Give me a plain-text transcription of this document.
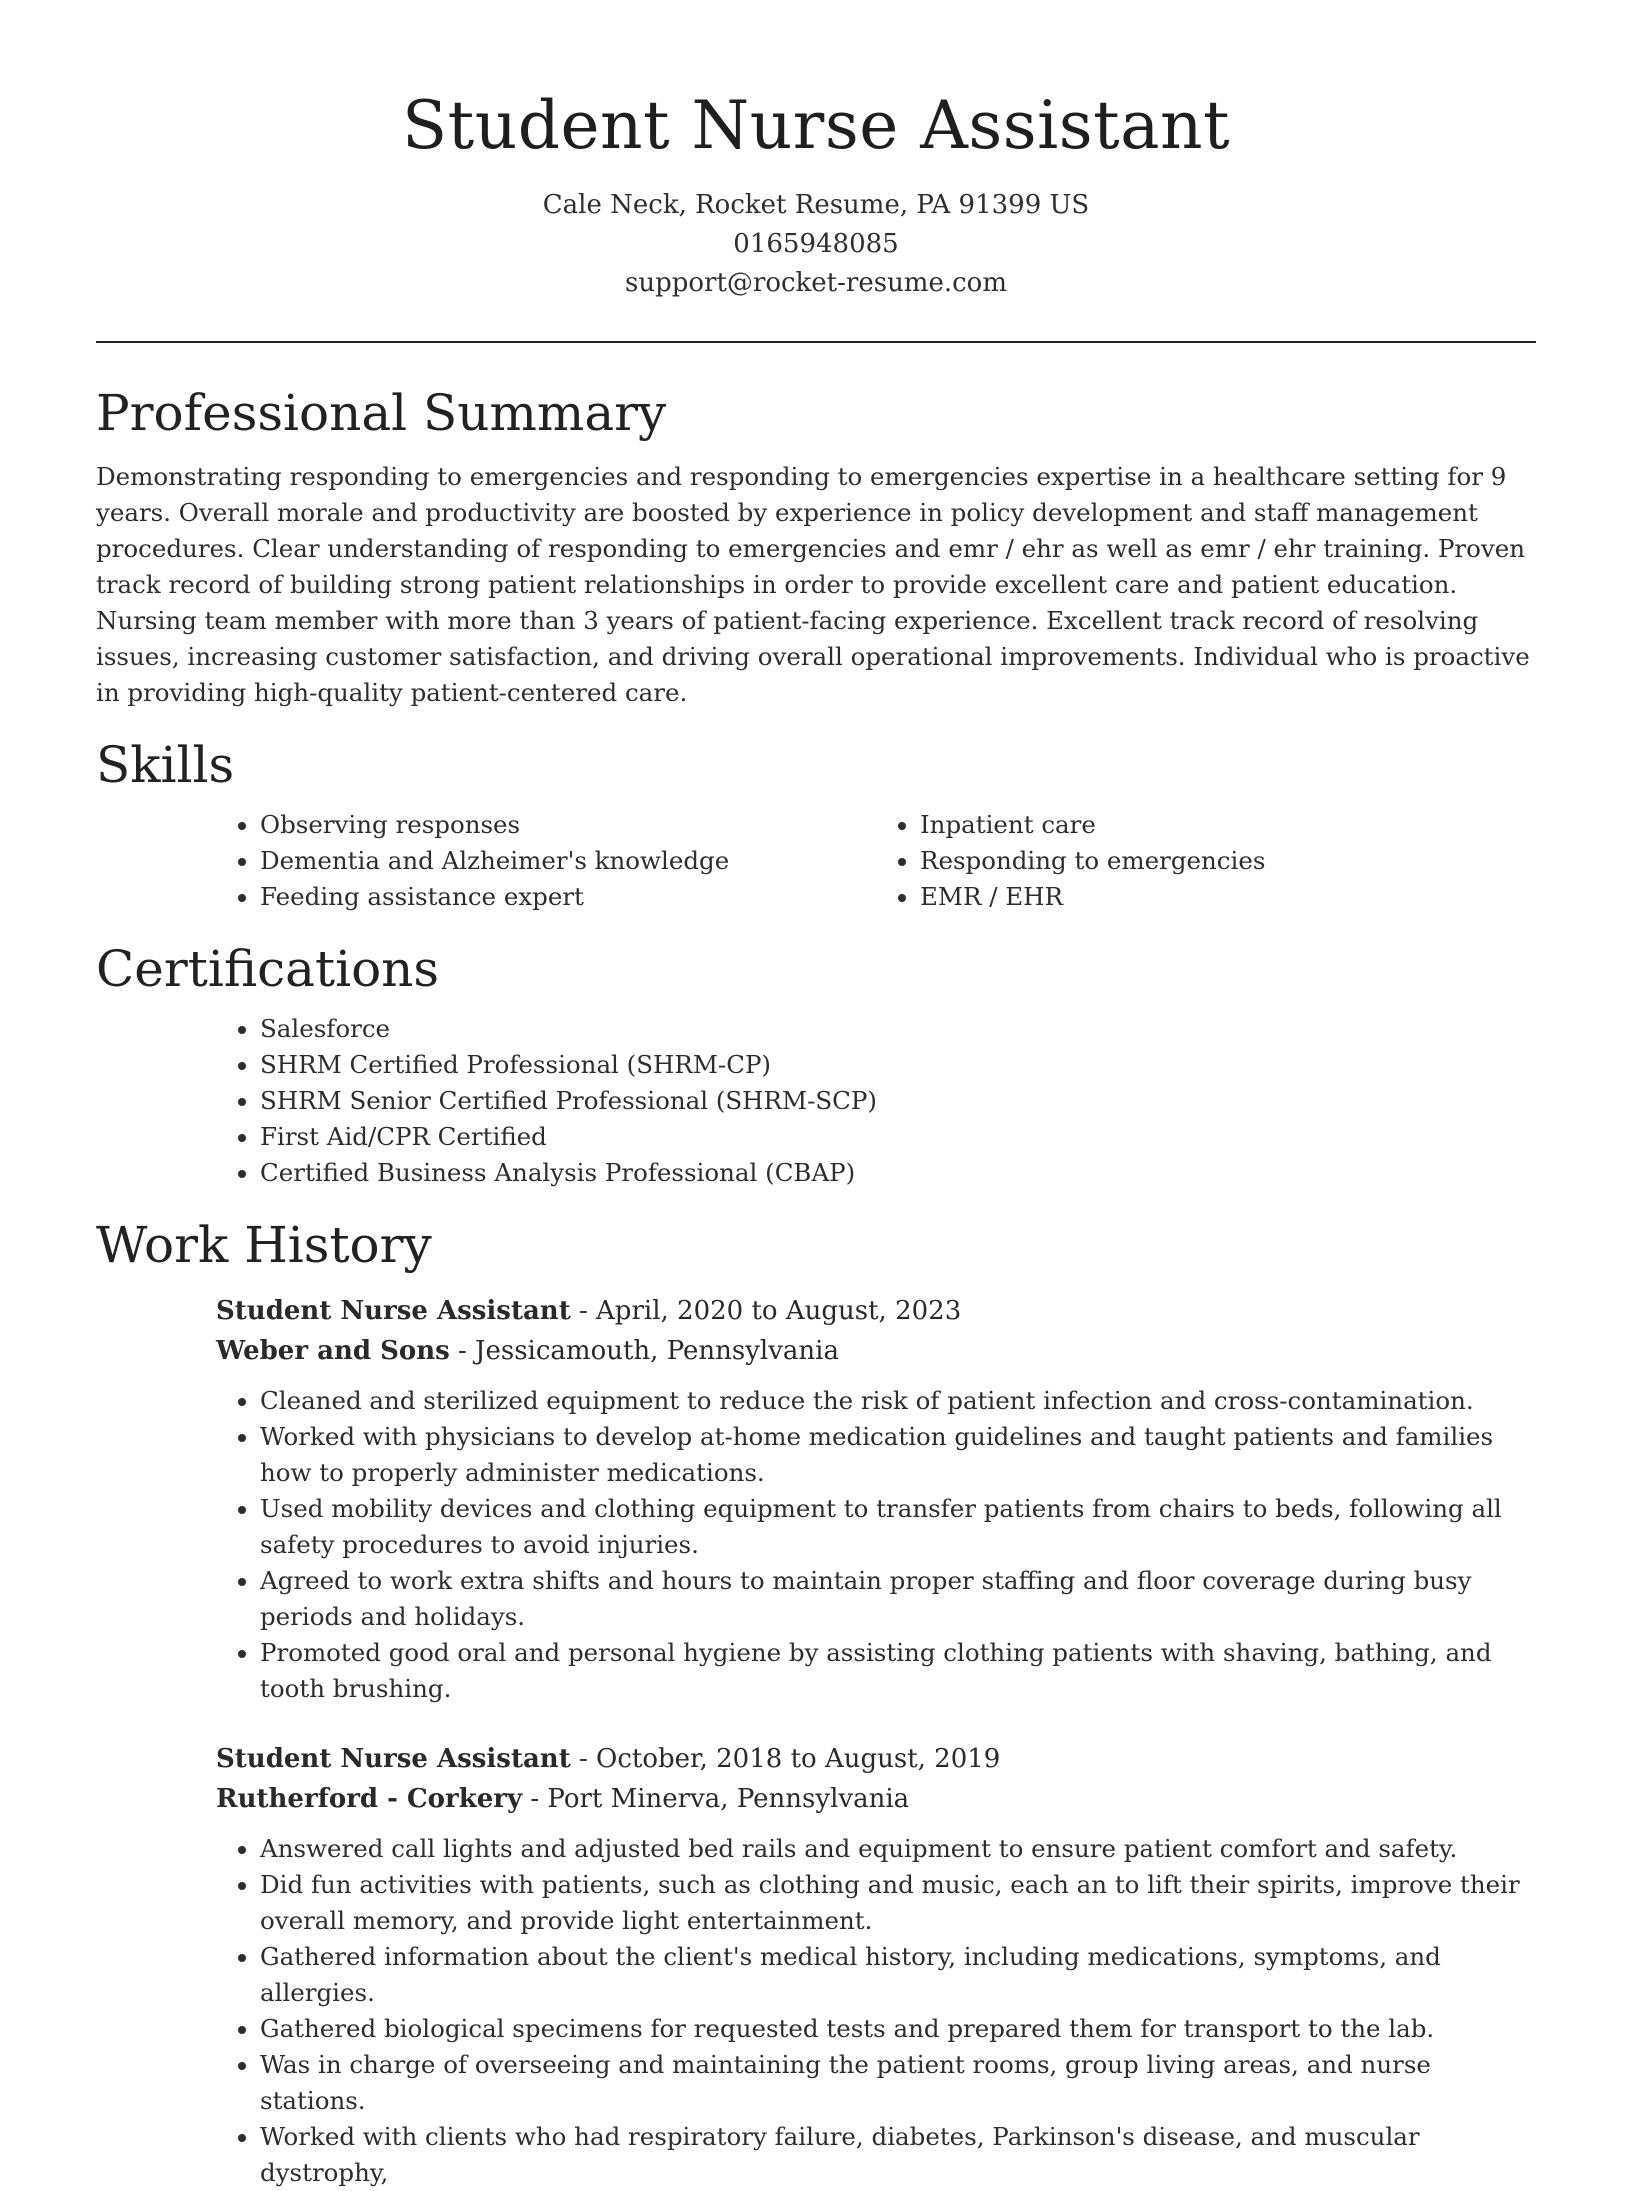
Student Nurse Assistant
Cale Neck, Rocket Resume, PA 91399 US
0165948085
support@rocket-resume.com
Professional Summary

Demonstrating responding to emergencies and responding to emergencies expertise in a healthcare setting for 9 years. Overall morale and productivity are boosted by experience in policy development and staff management procedures. Clear understanding of responding to emergencies and emr / ehr as well as emr / ehr training. Proven track record of building strong patient relationships in order to provide excellent care and patient education. Nursing team member with more than 3 years of patient-facing experience. Excellent track record of resolving issues, increasing customer satisfaction, and driving overall operational improvements. Individual who is proactive in providing high-quality patient-centered care.

Skills
• Observing responses
• Dementia and Alzheimer's knowledge
• Feeding assistance expert
• Inpatient care
• Responding to emergencies
• EMR / EHR
Certifications
• Salesforce
• SHRM Certified Professional (SHRM-CP)
• SHRM Senior Certified Professional (SHRM-SCP)
• First Aid/CPR Certified
• Certified Business Analysis Professional (CBAP)
Work History
Student Nurse Assistant - April, 2020 to August, 2023
Weber and Sons - Jessicamouth, Pennsylvania
• Cleaned and sterilized equipment to reduce the risk of patient infection and cross-contamination.
• Worked with physicians to develop at-home medication guidelines and taught patients and families how to properly administer medications.
• Used mobility devices and clothing equipment to transfer patients from chairs to beds, following all safety procedures to avoid injuries.
• Agreed to work extra shifts and hours to maintain proper staffing and floor coverage during busy periods and holidays.
• Promoted good oral and personal hygiene by assisting clothing patients with shaving, bathing, and tooth brushing.
Student Nurse Assistant - October, 2018 to August, 2019
Rutherford - Corkery - Port Minerva, Pennsylvania
• Answered call lights and adjusted bed rails and equipment to ensure patient comfort and safety.
• Did fun activities with patients, such as clothing and music, each an to lift their spirits, improve their overall memory, and provide light entertainment.
• Gathered information about the client's medical history, including medications, symptoms, and allergies.
• Gathered biological specimens for requested tests and prepared them for transport to the lab.
• Was in charge of overseeing and maintaining the patient rooms, group living areas, and nurse stations.
• Worked with clients who had respiratory failure, diabetes, Parkinson's disease, and muscular dystrophy,
